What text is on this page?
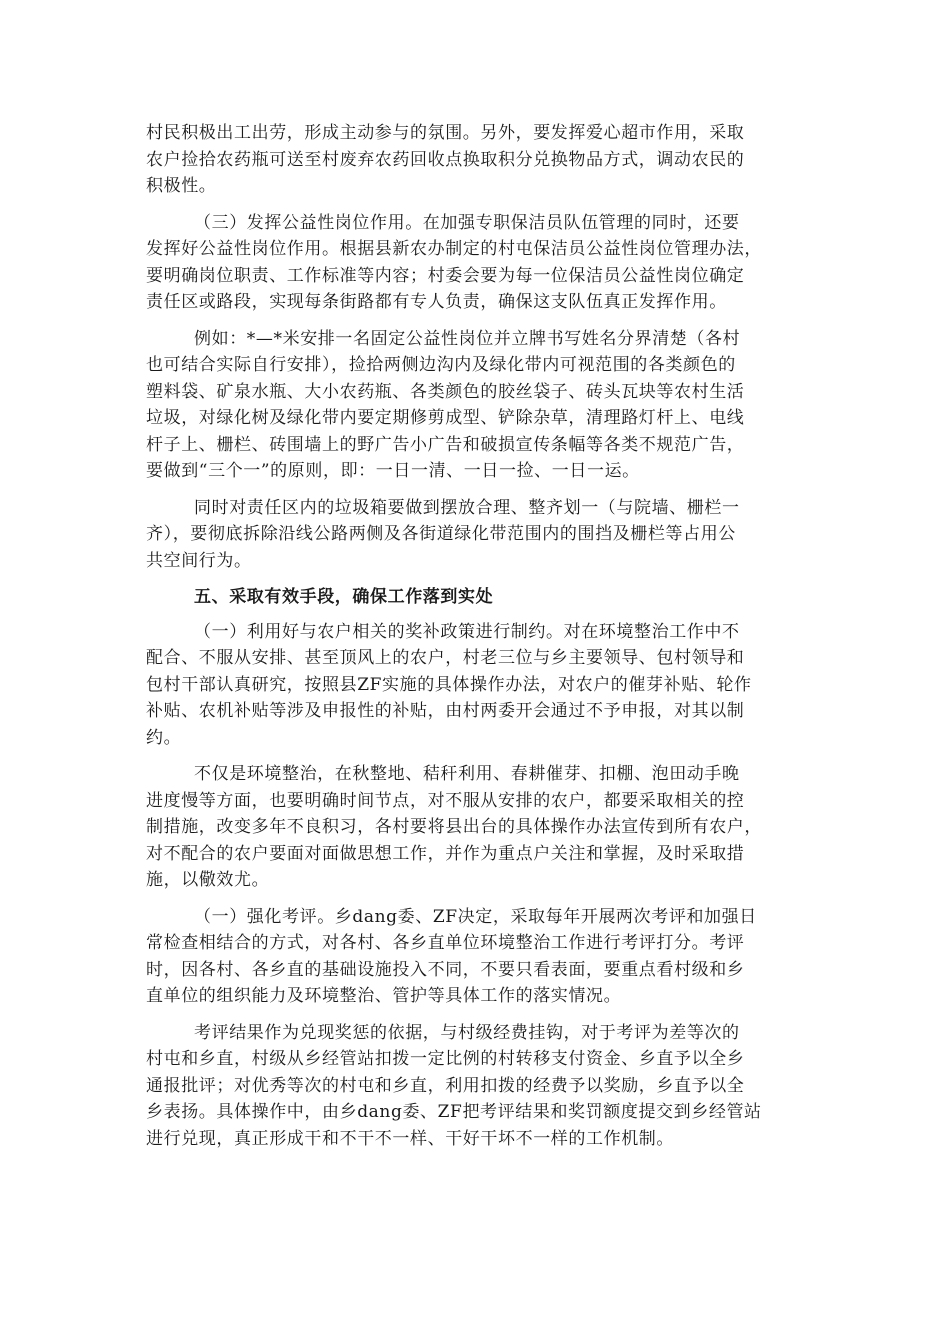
村民积极出工出劳，形成主动参与的氛围。另外，要发挥爱心超市作用，采取
农户捡拾农药瓶可送至村废弃农药回收点换取积分兑换物品方式，调动农民的
积极性。
（三）发挥公益性岗位作用。在加强专职保洁员队伍管理的同时，还要
发挥好公益性岗位作用。根据县新农办制定的村屯保洁员公益性岗位管理办法，
要明确岗位职责、工作标准等内容；村委会要为每一位保洁员公益性岗位确定
责任区或路段，实现每条街路都有专人负责，确保这支队伍真正发挥作用。
例如：*—*米安排一名固定公益性岗位并立牌书写姓名分界清楚（各村
也可结合实际自行安排），捡拾两侧边沟内及绿化带内可视范围的各类颜色的
塑料袋、矿泉水瓶、大小农药瓶、各类颜色的胶丝袋子、砖头瓦块等农村生活
垃圾，对绿化树及绿化带内要定期修剪成型、铲除杂草，清理路灯杆上、电线
杆子上、栅栏、砖围墙上的野广告小广告和破损宣传条幅等各类不规范广告，
要做到“三个一”的原则，即：一日一清、一日一捡、一日一运。
同时对责任区内的垃圾箱要做到摆放合理、整齐划一（与院墙、栅栏一
齐），要彻底拆除沿线公路两侧及各街道绿化带范围内的围挡及栅栏等占用公
共空间行为。
五、采取有效手段，确保工作落到实处
（一）利用好与农户相关的奖补政策进行制约。对在环境整治工作中不
配合、不服从安排、甚至顶风上的农户，村老三位与乡主要领导、包村领导和
包村干部认真研究，按照县ZF实施的具体操作办法，对农户的催芽补贴、轮作
补贴、农机补贴等涉及申报性的补贴，由村两委开会通过不予申报，对其以制
约。
不仅是环境整治，在秋整地、秸秆利用、春耕催芽、扣棚、泡田动手晚
进度慢等方面，也要明确时间节点，对不服从安排的农户，都要采取相关的控
制措施，改变多年不良积习，各村要将县出台的具体操作办法宣传到所有农户，
对不配合的农户要面对面做思想工作，并作为重点户关注和掌握，及时采取措
施，以儆效尤。
（一）强化考评。乡dang委、ZF决定，采取每年开展两次考评和加强日
常检查相结合的方式，对各村、各乡直单位环境整治工作进行考评打分。考评
时，因各村、各乡直的基础设施投入不同，不要只看表面，要重点看村级和乡
直单位的组织能力及环境整治、管护等具体工作的落实情况。
考评结果作为兑现奖惩的依据，与村级经费挂钩，对于考评为差等次的
村屯和乡直，村级从乡经管站扣拨一定比例的村转移支付资金、乡直予以全乡
通报批评；对优秀等次的村屯和乡直，利用扣拨的经费予以奖励，乡直予以全
乡表扬。具体操作中，由乡dang委、ZF把考评结果和奖罚额度提交到乡经管站
进行兑现，真正形成干和不干不一样、干好干坏不一样的工作机制。
